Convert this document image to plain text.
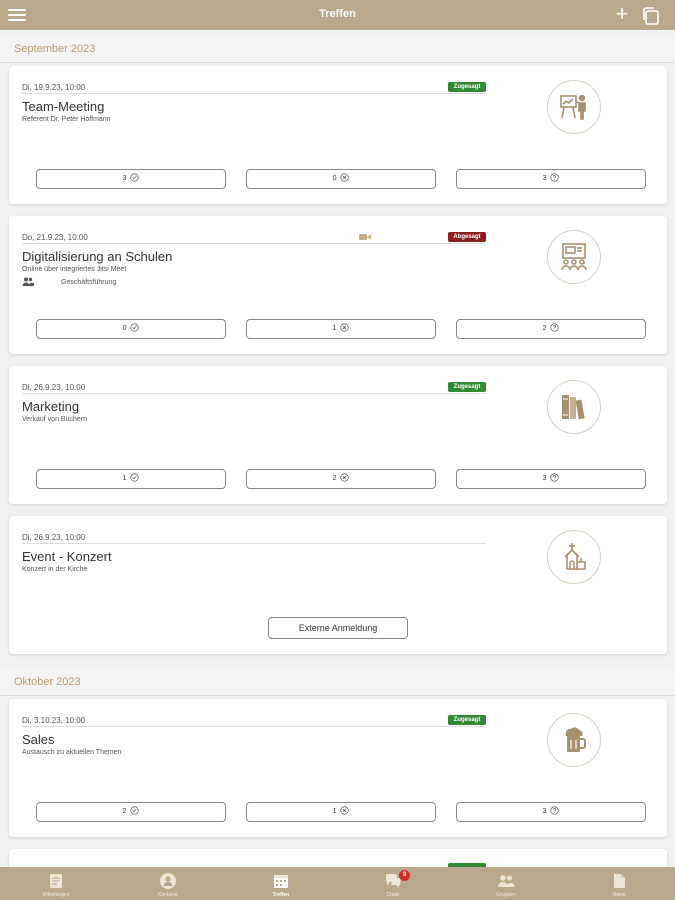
Treffen	+
September 2023
Di, 19.9.23, 10:00	Zugesagt
Team-Meeting
Referent Dr. Peter Hoffmann
3	0	3
Do, 21.9.23, 10:00	Abgesagt
Digitalisierung an Schulen
Online über integriertes Jitsi Meet
Geschäftsführung
0	1	2
Di, 26.9.23, 10:00	Zugesagt
Marketing
Verkauf von Büchern
1	2	3
Di, 26.9.23, 10:00
Event - Konzert
Konzert in der Kirche
Externe Anmeldung
Oktober 2023
Di, 3.10.23, 10:00	Zugesagt
Sales
Austausch zu aktuellen Themen
2	1	3
Mitteilungen	Kontakte	Treffen
8
Chats	Gruppen	Meine
